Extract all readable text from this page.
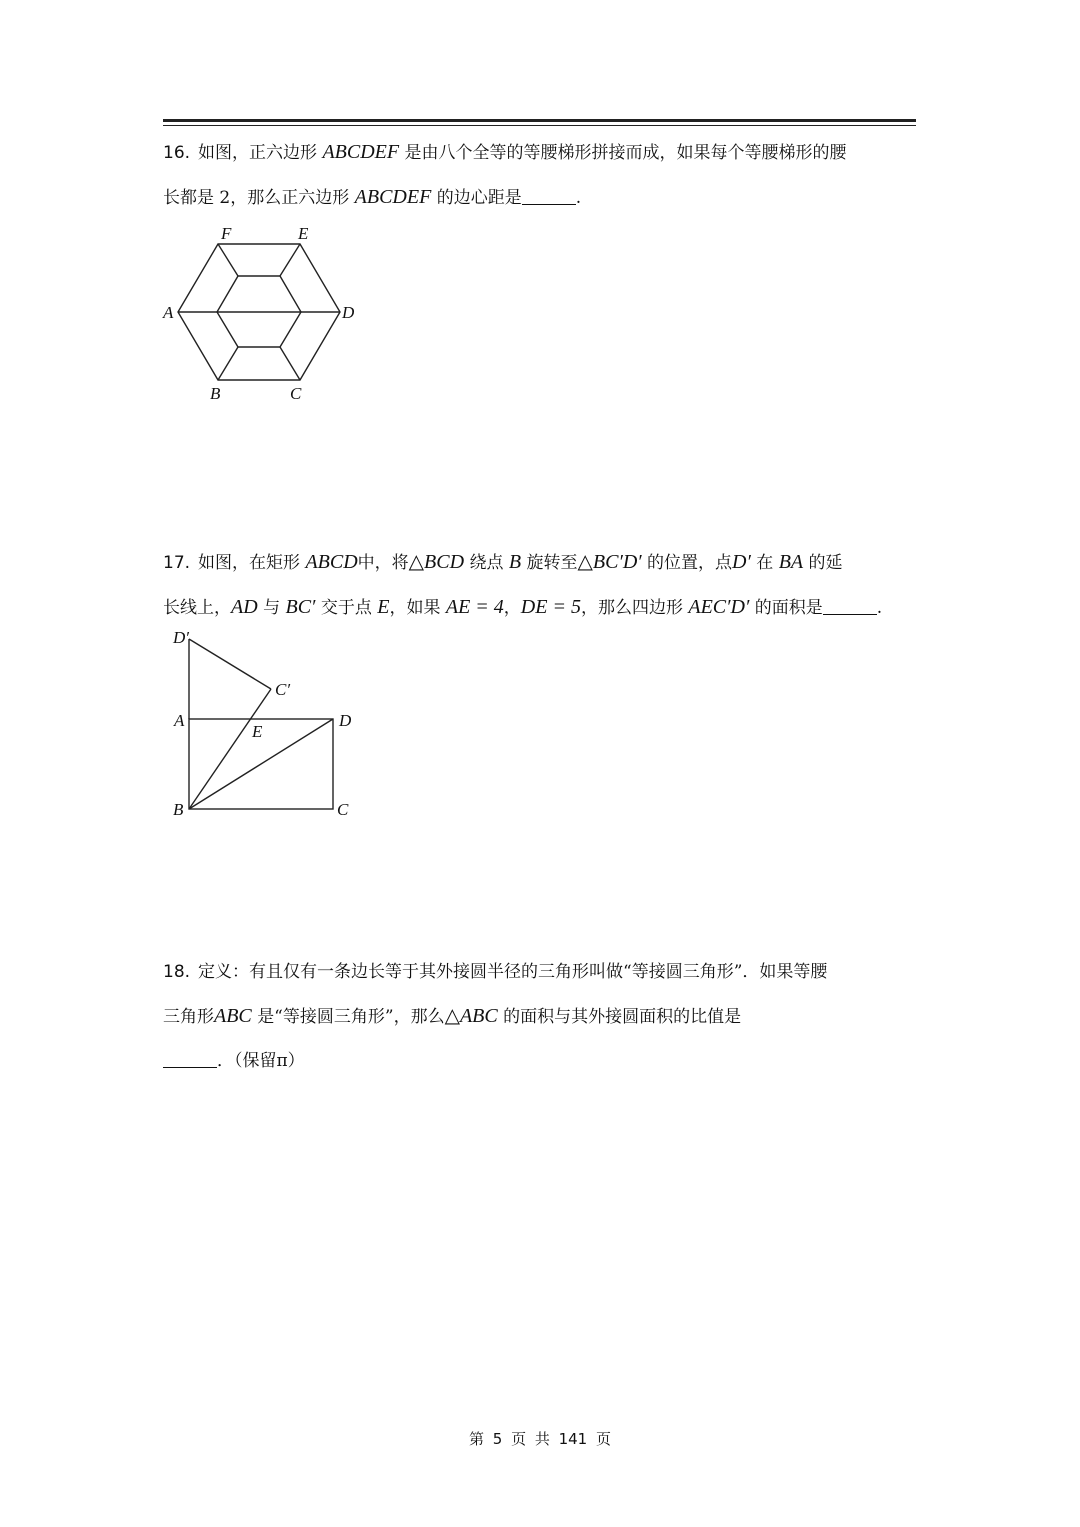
16. 如图，正六边形 ABCDEF 是由八个全等的等腰梯形拼接而成，如果每个等腰梯形的腰
长都是 2，那么正六边形 ABCDEF 的边心距是	.
F	E
A	D
B	C
17. 如图，在矩形 ABCD中，将△BCD 绕点 B 旋转至△BC′D′ 的位置，点D′ 在 BA 的延
长线上，AD 与 BC′ 交于点 E，如果 AE = 4，DE = 5，那么四边形 AEC′D′ 的面积是	.
D′
C′
A
E
D
B	C
18. 定义：有且仅有一条边长等于其外接圆半径的三角形叫做“等接圆三角形”．如果等腰
三角形ABC 是“等接圆三角形”，那么△ABC 的面积与其外接圆面积的比值是
．（保留π）
第 5 页 共 141 页
